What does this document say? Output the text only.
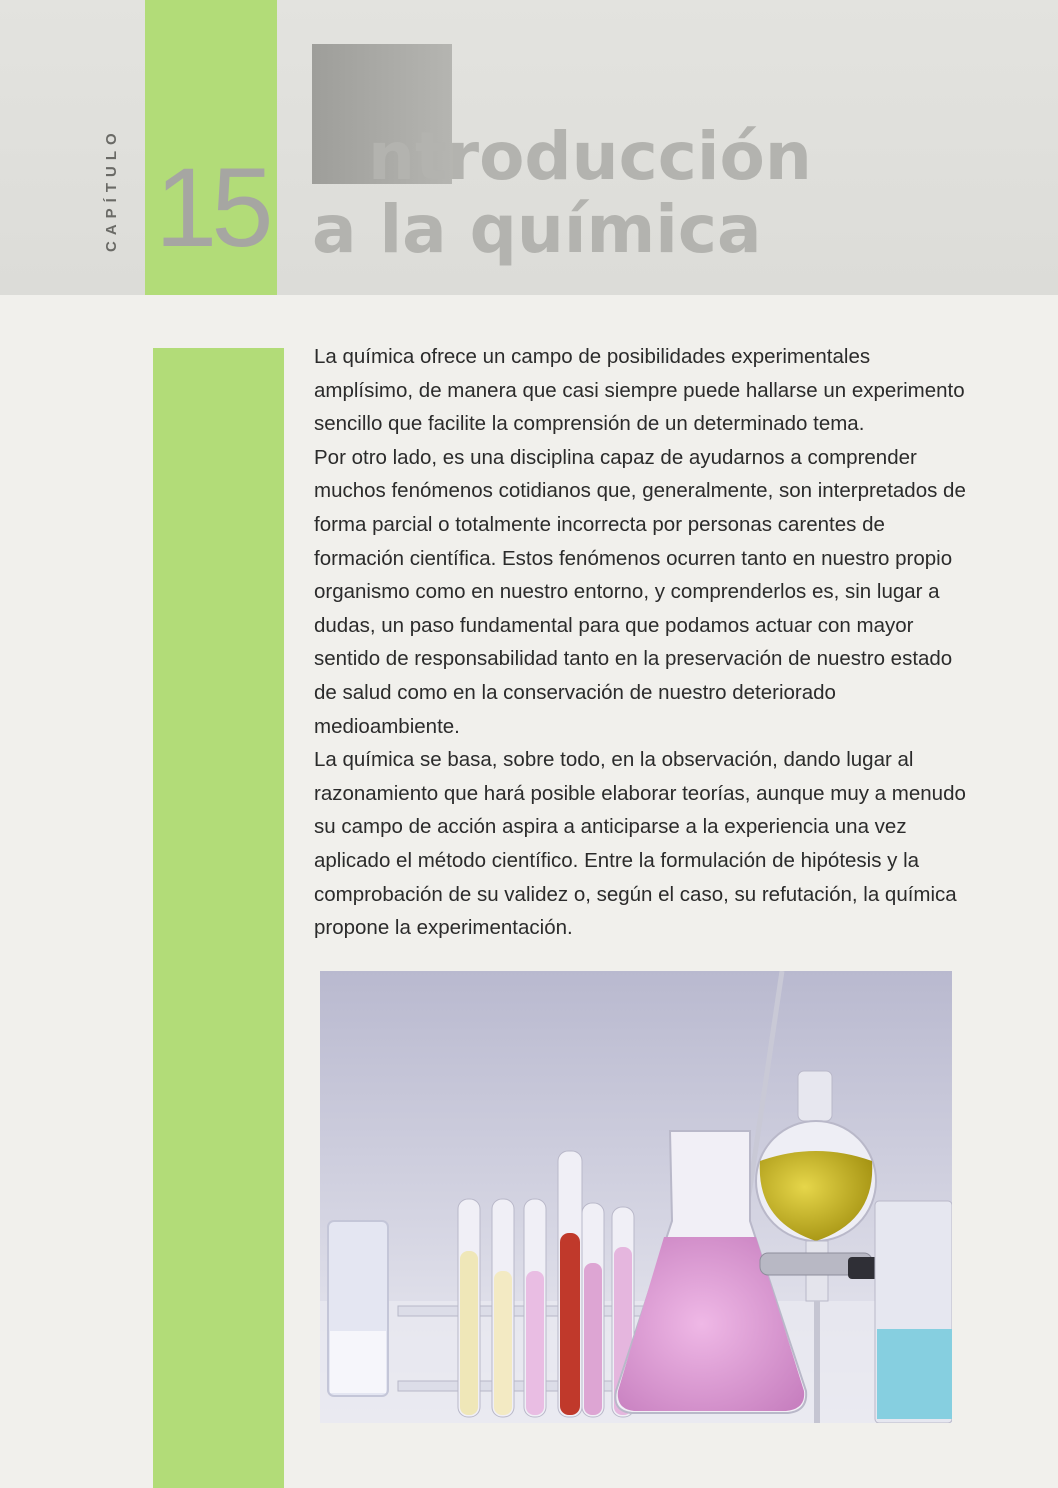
CAPÍTULO 15 ntroducción
a la química

La química ofrece un campo de posibilidades experimentales amplísimo, de manera que casi siempre puede hallarse un experimento sencillo que facilite la comprensión de un determinado tema.

Por otro lado, es una disciplina capaz de ayudarnos a comprender muchos fenómenos cotidianos que, generalmente, son interpretados de forma parcial o totalmente incorrecta por personas carentes de formación científica. Estos fenómenos ocurren tanto en nuestro propio organismo como en nuestro entorno, y comprenderlos es, sin lugar a dudas, un paso fundamental para que podamos actuar con mayor sentido de responsabilidad tanto en la preservación de nuestro estado de salud como en la conservación de nuestro deteriorado medioambiente.

La química se basa, sobre todo, en la observación, dando lugar al razonamiento que hará posible elaborar teorías, aunque muy a menudo su campo de acción aspira a anticiparse a la experiencia una vez aplicado el método científico. Entre la formulación de hipótesis y la comprobación de su validez o, según el caso, su refutación, la química propone la experimentación.
